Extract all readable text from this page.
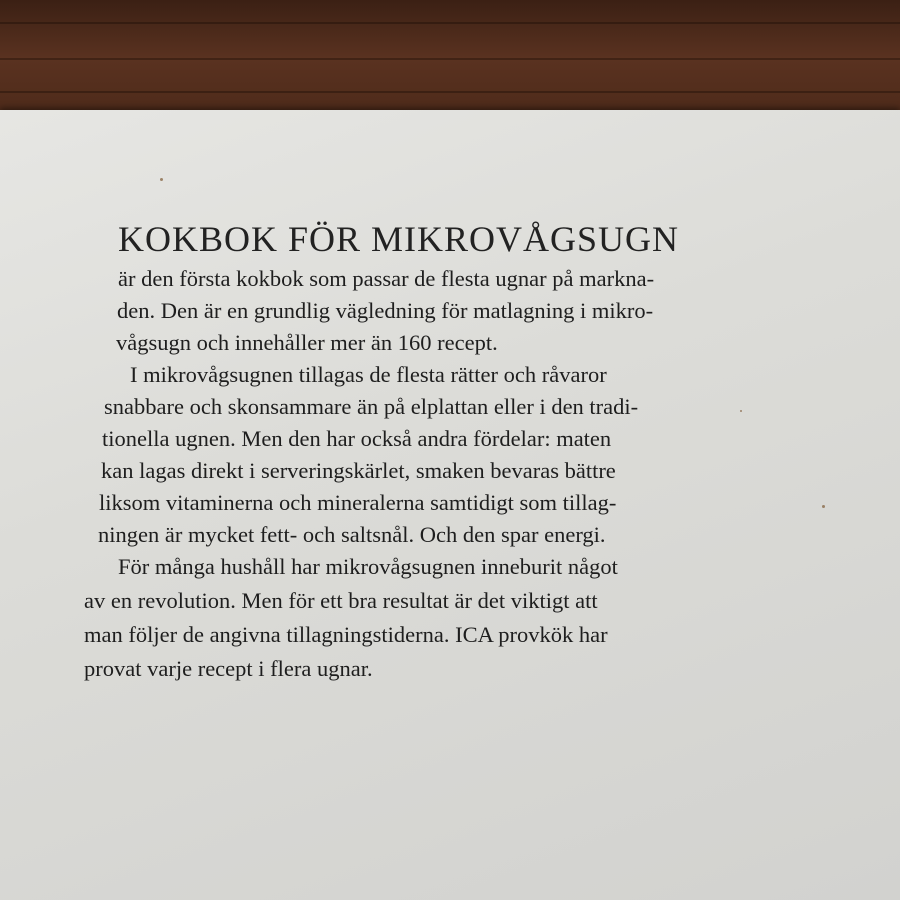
KOKBOK FÖR MIKROVÅGSUGN

är den första kokbok som passar de flesta ugnar på markna-

den. Den är en grundlig vägledning för matlagning i mikro-

vågsugn och innehåller mer än 160 recept.

I mikrovågsugnen tillagas de flesta rätter och råvaror

snabbare och skonsammare än på elplattan eller i den tradi-

tionella ugnen. Men den har också andra fördelar: maten

kan lagas direkt i serveringskärlet, smaken bevaras bättre

liksom vitaminerna och mineralerna samtidigt som tillag-

ningen är mycket fett- och saltsnål. Och den spar energi.

För många hushåll har mikrovågsugnen inneburit något

av en revolution. Men för ett bra resultat är det viktigt att

man följer de angivna tillagningstiderna. ICA provkök har

provat varje recept i flera ugnar.
